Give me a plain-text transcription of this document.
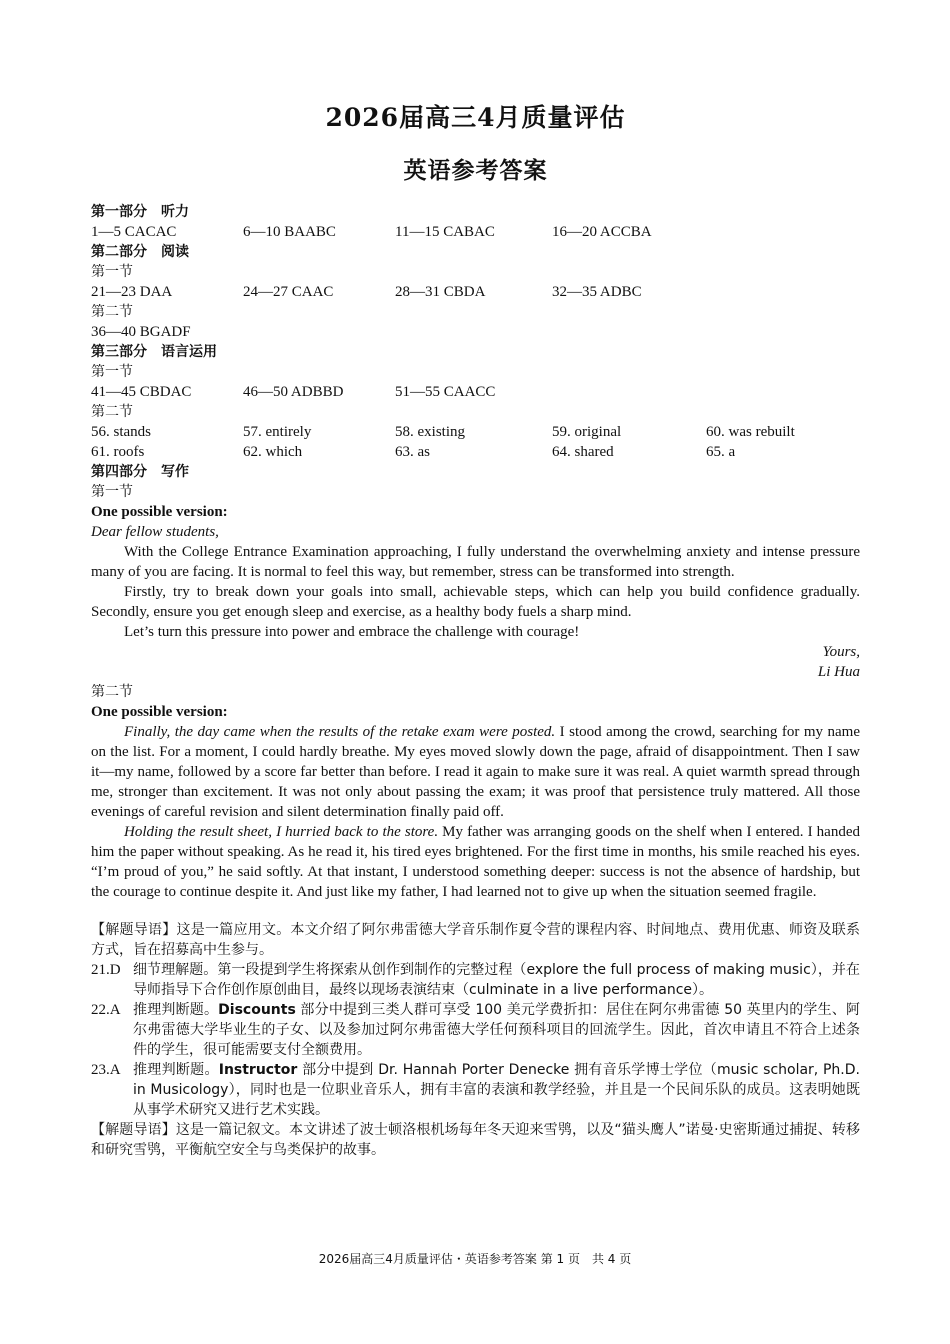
2026届高三4月质量评估
英语参考答案
第一部分　听力
1—5 CACAC	6—10 BAABC	11—15 CABAC	16—20 ACCBA
第二部分　阅读
第一节
21—23 DAA	24—27 CAAC	28—31 CBDA	32—35 ADBC
第二节
36—40 BGADF
第三部分　语言运用
第一节
41—45 CBDAC	46—50 ADBBD	51—55 CAACC
第二节
56. stands	57. entirely	58. existing	59. original	60. was rebuilt
61. roofs	62. which	63. as	64. shared	65. a
第四部分　写作
第一节
One possible version:
Dear fellow students,
With the College Entrance Examination approaching, I fully understand the overwhelming anxiety and intense pressure many of you are facing. It is normal to feel this way, but remember, stress can be transformed into strength.
Firstly, try to break down your goals into small, achievable steps, which can help you build confidence gradually. Secondly, ensure you get enough sleep and exercise, as a healthy body fuels a sharp mind.
Let’s turn this pressure into power and embrace the challenge with courage!
Yours,
Li Hua
第二节
One possible version:
Finally, the day came when the results of the retake exam were posted. I stood among the crowd, searching for my name on the list. For a moment, I could hardly breathe. My eyes moved slowly down the page, afraid of disappointment. Then I saw it—my name, followed by a score far better than before. I read it again to make sure it was real. A quiet warmth spread through me, stronger than excitement. It was not only about passing the exam; it was proof that persistence truly mattered. All those evenings of careful revision and silent determination finally paid off.
Holding the result sheet, I hurried back to the store. My father was arranging goods on the shelf when I entered. I handed him the paper without speaking. As he read it, his tired eyes brightened. For the first time in months, his smile reached his eyes. “I’m proud of you,” he said softly. At that instant, I understood something deeper: success is not the absence of hardship, but the courage to continue despite it. And just like my father, I had learned not to give up when the situation seemed fragile.
【解题导语】这是一篇应用文。本文介绍了阿尔弗雷德大学音乐制作夏令营的课程内容、时间地点、费用优惠、师资及联系方式，旨在招募高中生参与。
21.D 细节理解题。第一段提到学生将探索从创作到制作的完整过程（explore the full process of making music），并在导师指导下合作创作原创曲目，最终以现场表演结束（culminate in a live performance）。
22.A 推理判断题。Discounts 部分中提到三类人群可享受 100 美元学费折扣：居住在阿尔弗雷德 50 英里内的学生、阿尔弗雷德大学毕业生的子女、以及参加过阿尔弗雷德大学任何预科项目的回流学生。因此，首次申请且不符合上述条件的学生，很可能需要支付全额费用。
23.A 推理判断题。Instructor 部分中提到 Dr. Hannah Porter Denecke 拥有音乐学博士学位（music scholar, Ph.D. in Musicology），同时也是一位职业音乐人，拥有丰富的表演和教学经验，并且是一个民间乐队的成员。这表明她既从事学术研究又进行艺术实践。
【解题导语】这是一篇记叙文。本文讲述了波士顿洛根机场每年冬天迎来雪鸮，以及“猫头鹰人”诺曼·史密斯通过捕捉、转移和研究雪鸮，平衡航空安全与鸟类保护的故事。
2026届高三4月质量评估・英语参考答案 第 1 页　共 4 页
